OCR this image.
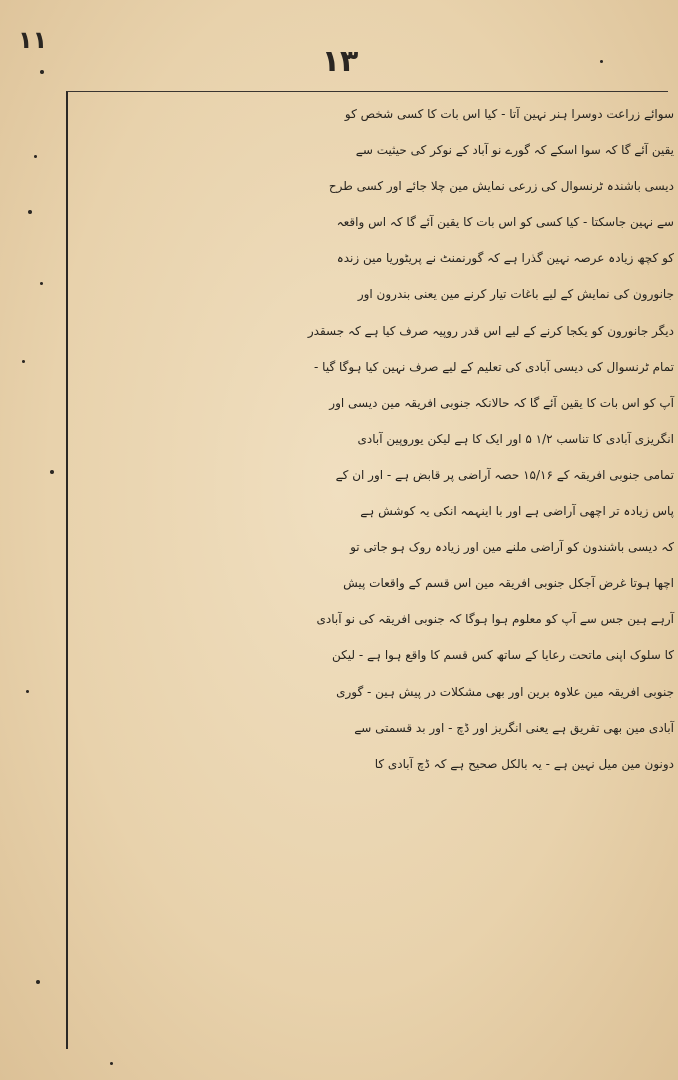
۱۱
۱۳
سوائے زراعت دوسرا ہنر نہین آتا - کیا اس بات کا کسی شخص کو
یقین آئے گا کہ سوا اسکے کہ گورے نو آباد کے نوکر کی حیثیت سے
دیسی باشندہ ٹرنسوال کی زرعی نمایش مین چلا جائے اور کسی طرح
سے نہین جاسکتا - کیا کسی کو اس بات کا یقین آئے گا کہ اس واقعہ
کو کچھ زیادہ عرصہ نہین گذرا ہے کہ گورنمنٹ نے پریٹوریا مین زندہ
جانورون کی نمایش کے لیے باغات تیار کرنے مین یعنی بندرون اور
دیگر جانورون کو یکجا کرنے کے لیے اس قدر روپیہ صرف کیا ہے کہ جسقدر
تمام ٹرنسوال کی دیسی آبادی کی تعلیم کے لیے صرف نہین کیا ہوگا گیا -
آپ کو اس بات کا یقین آئے گا کہ حالانکہ جنوبی افریقہ مین دیسی اور
انگریزی آبادی کا تناسب ۱/۲ ۵ اور ایک کا ہے لیکن یوروپین آبادی
تمامی جنوبی افریقہ کے ۱۵/۱۶ حصہ آراضی پر قابض ہے - اور ان کے
پاس زیادہ تر اچھی آراضی ہے اور با اینہمہ انکی یہ کوشش ہے
کہ دیسی باشندون کو آراضی ملنے مین اور زیادہ روک ہو جاتی تو
اچھا ہوتا غرض آجکل جنوبی افریقہ مین اس قسم کے واقعات پیش
آرہے ہین جس سے آپ کو معلوم ہوا ہوگا کہ جنوبی افریقہ کی نو آبادی
کا سلوک اپنی ماتحت رعایا کے ساتھ کس قسم کا واقع ہوا ہے - لیکن
جنوبی افریقہ مین علاوہ برین اور بھی مشکلات در پیش ہین - گوری
آبادی مین بھی تفریق ہے یعنی انگریز اور ڈچ - اور بد قسمتی سے
دونون مین میل نہین ہے - یہ بالکل صحیح ہے کہ ڈچ آبادی کا
